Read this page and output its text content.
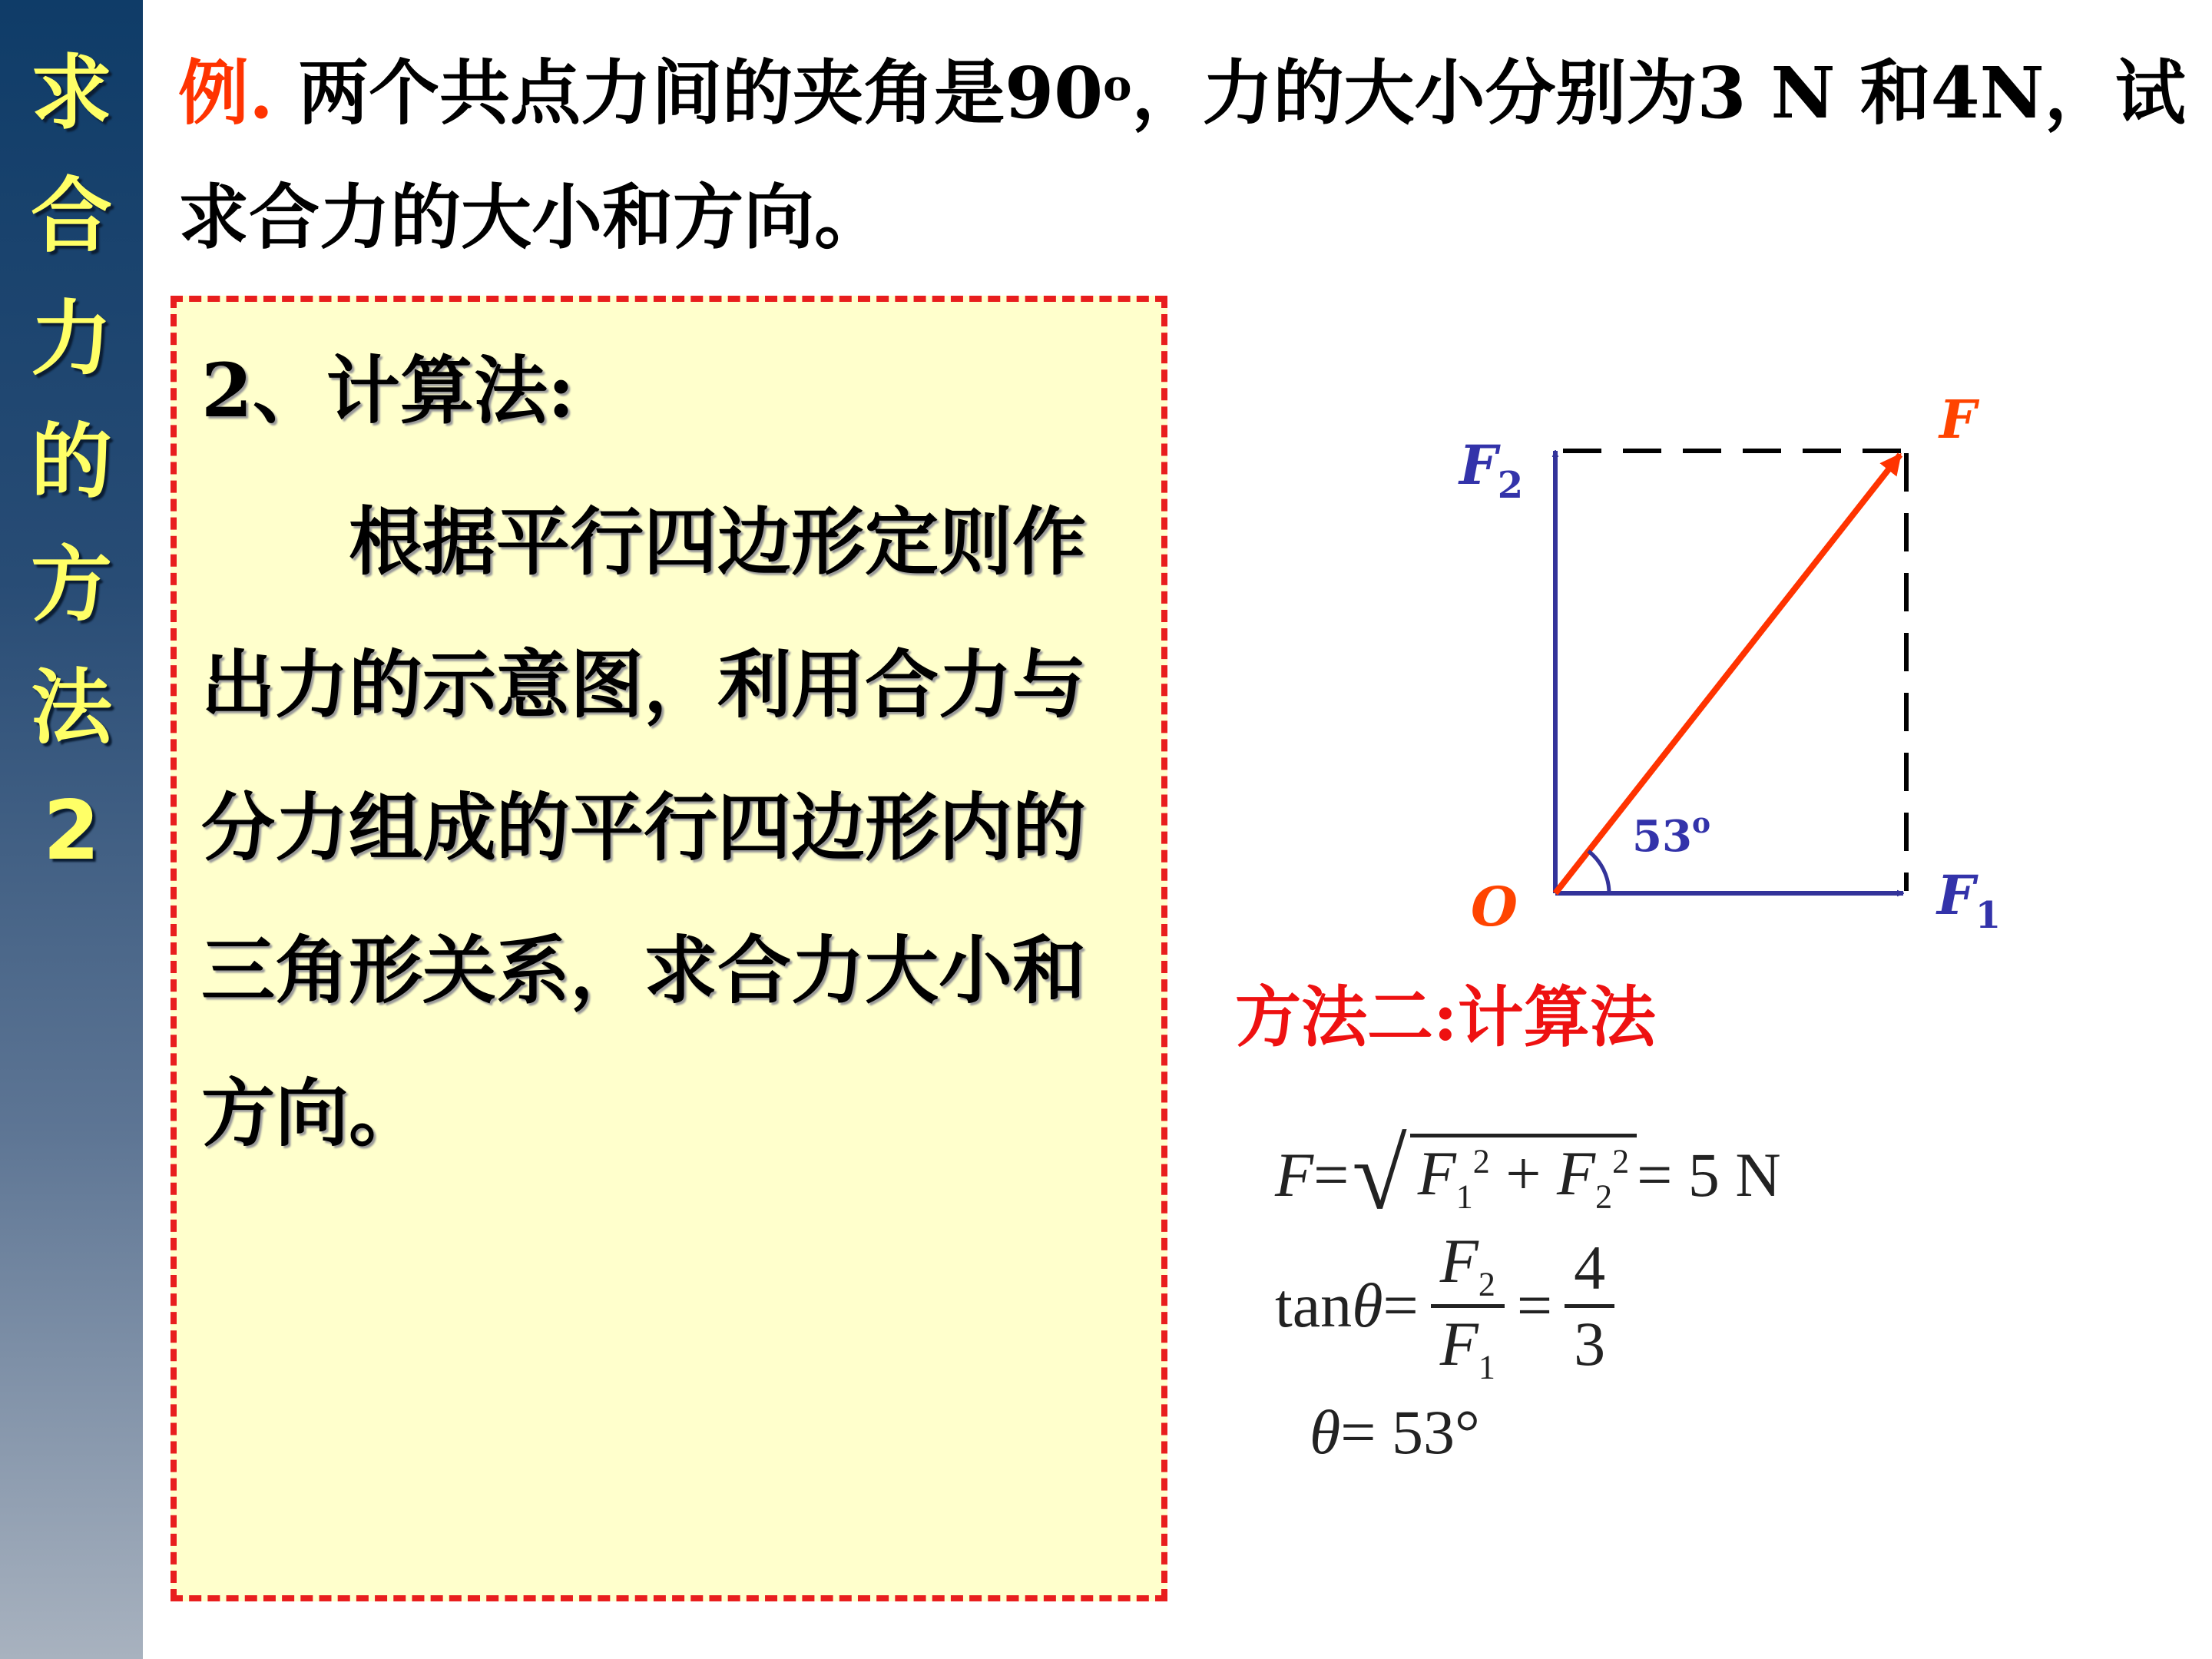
求
合
力
的
方
法
2
例. 两个共点力间的夹角是90$^o$，力的大小分别为3 N 和4N，试求合力的大小和方向。
2、计算法:
　　根据平行四边形定则作出力的示意图，利用合力与分力组成的平行四边形内的三角形关系，求合力大小和方向。
F
$F_2$
$F_1$
O
53$^o$
方法二:计算法
F = √ $F_1^2 + F_2^2 = 5$ N
$\tan \theta = \frac{F_2}{F_1} = \frac{4}{3}$
θ = 53°
